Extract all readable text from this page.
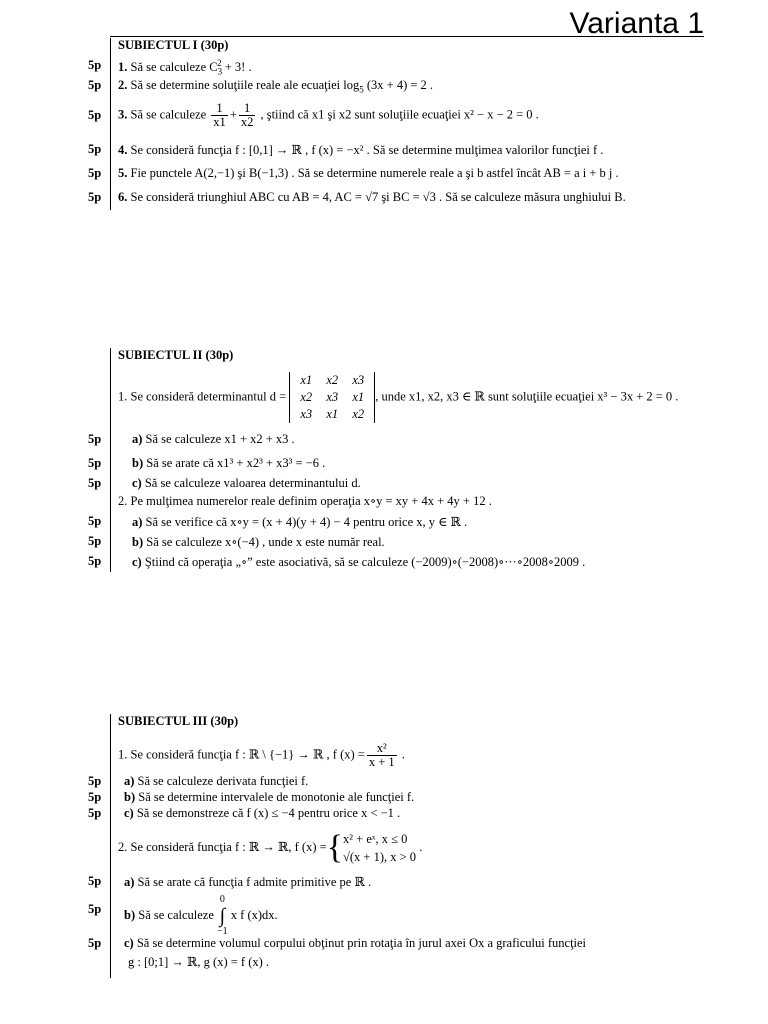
Varianta 1
SUBIECTUL I (30p)
5p	1. Să se calculeze $C_3^2 + 3$! .
5p	2. Să se determine soluţiile reale ale ecuaţiei $\log_5 (3x + 4) = 2$ .
5p	3. Să se calculeze $\frac{1}{x1} + \frac{1}{x2}$ , ştiind că x1 şi x2 sunt soluţiile ecuaţiei x² − x − 2 = 0 .
5p	4. Se consideră funcţia f : [0,1] → ℝ , f (x) = −x² . Să se determine mulţimea valorilor funcţiei f .
5p	5. Fie punctele A(2,−1) şi B(−1,3) . Să se determine numerele reale a şi b astfel încât AB = a i + b j .
5p	6. Se consideră triunghiul ABC cu AB = 4, AC = √7 şi BC = √3 . Să se calculeze măsura unghiului B.
SUBIECTUL II (30p)
1. Se consideră determinantul d =
x1	x2	x3
x2	x3	x1
x3	x1	x2
, unde x1, x2, x3 ∈ ℝ sunt soluţiile ecuaţiei x³ − 3x + 2 = 0 .
5p	a) Să se calculeze x1 + x2 + x3 .
5p	b) Să se arate că x1³ + x2³ + x3³ = −6 .
5p	c) Să se calculeze valoarea determinantului d.
2. Pe mulţimea numerelor reale definim operaţia x∘y = xy + 4x + 4y + 12 .
5p	a) Să se verifice că x∘y = (x + 4)(y + 4) − 4 pentru orice x, y ∈ ℝ .
5p	b) Să se calculeze x∘(−4) , unde x este număr real.
5p	c) Ştiind că operaţia „∘” este asociativă, să se calculeze (−2009)∘(−2008)∘···∘2008∘2009 .
SUBIECTUL III (30p)
1. Se consideră funcţia f : ℝ \ {−1} → ℝ , f $(x) = \frac{\text{x²}}{x + 1}$ .
5p	a) Să se calculeze derivata funcţiei f.
5p	b) Să se determine intervalele de monotonie ale funcţiei f.
5p	c) Să se demonstreze că f (x) ≤ −4 pentru orice x < −1 .
2. Se consideră funcţia f : ℝ → ℝ, f (x) ={ x² + eˣ, x ≤ 0
√(x + 1), x > 0
.
5p	a) Să se arate că funcţia f admite primitive pe ℝ .
5p	b) Să se calculeze
0
∫
−1
x f (x)dx.
5p	c) Să se determine volumul corpului obţinut prin rotaţia în jurul axei Ox a graficului funcţiei
g : [0;1] → ℝ, g (x) = f (x) .
